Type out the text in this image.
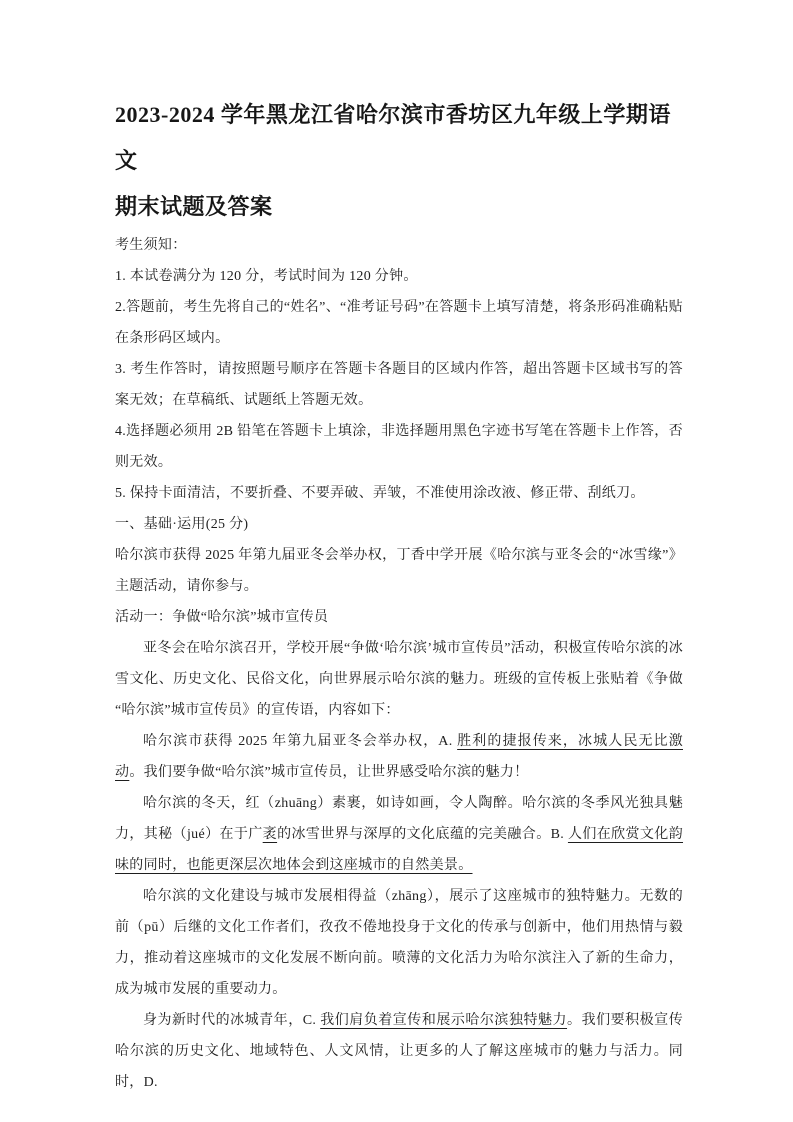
2023-2024 学年黑龙江省哈尔滨市香坊区九年级上学期语文
期末试题及答案

考生须知：

1. 本试卷满分为 120 分，考试时间为 120 分钟。

2.答题前，考生先将自己的“姓名”、“准考证号码”在答题卡上填写清楚，将条形码准确粘贴在条形码区域内。

3. 考生作答时，请按照题号顺序在答题卡各题目的区域内作答，超出答题卡区域书写的答案无效；在草稿纸、试题纸上答题无效。

4.选择题必须用 2B 铅笔在答题卡上填涂，非选择题用黑色字迹书写笔在答题卡上作答，否则无效。

5. 保持卡面清洁，不要折叠、不要弄破、弄皱，不准使用涂改液、修正带、刮纸刀。

一、基础·运用(25 分)

哈尔滨市获得 2025 年第九届亚冬会举办权，丁香中学开展《哈尔滨与亚冬会的“冰雪缘”》主题活动，请你参与。

活动一：争做“哈尔滨”城市宣传员

亚冬会在哈尔滨召开，学校开展“争做‘哈尔滨’城市宣传员”活动，积极宣传哈尔滨的冰雪文化、历史文化、民俗文化，向世界展示哈尔滨的魅力。班级的宣传板上张贴着《争做“哈尔滨”城市宣传员》的宣传语，内容如下：

哈尔滨市获得 2025 年第九届亚冬会举办权，A. 胜利的捷报传来，冰城人民无比激动。我们要争做“哈尔滨”城市宣传员，让世界感受哈尔滨的魅力！

哈尔滨的冬天，红（zhuāng）素裹，如诗如画，令人陶醉。哈尔滨的冬季风光独具魅力，其秘（jué）在于广袤的冰雪世界与深厚的文化底蕴的完美融合。B. 人们在欣赏文化韵味的同时，也能更深层次地体会到这座城市的自然美景。

哈尔滨的文化建设与城市发展相得益（zhāng），展示了这座城市的独特魅力。无数的前（pū）后继的文化工作者们，孜孜不倦地投身于文化的传承与创新中，他们用热情与毅力，推动着这座城市的文化发展不断向前。喷薄的文化活力为哈尔滨注入了新的生命力，成为城市发展的重要动力。

身为新时代的冰城青年，C. 我们肩负着宣传和展示哈尔滨独特魅力。我们要积极宣传哈尔滨的历史文化、地域特色、人文风情，让更多的人了解这座城市的魅力与活力。同时，D.
